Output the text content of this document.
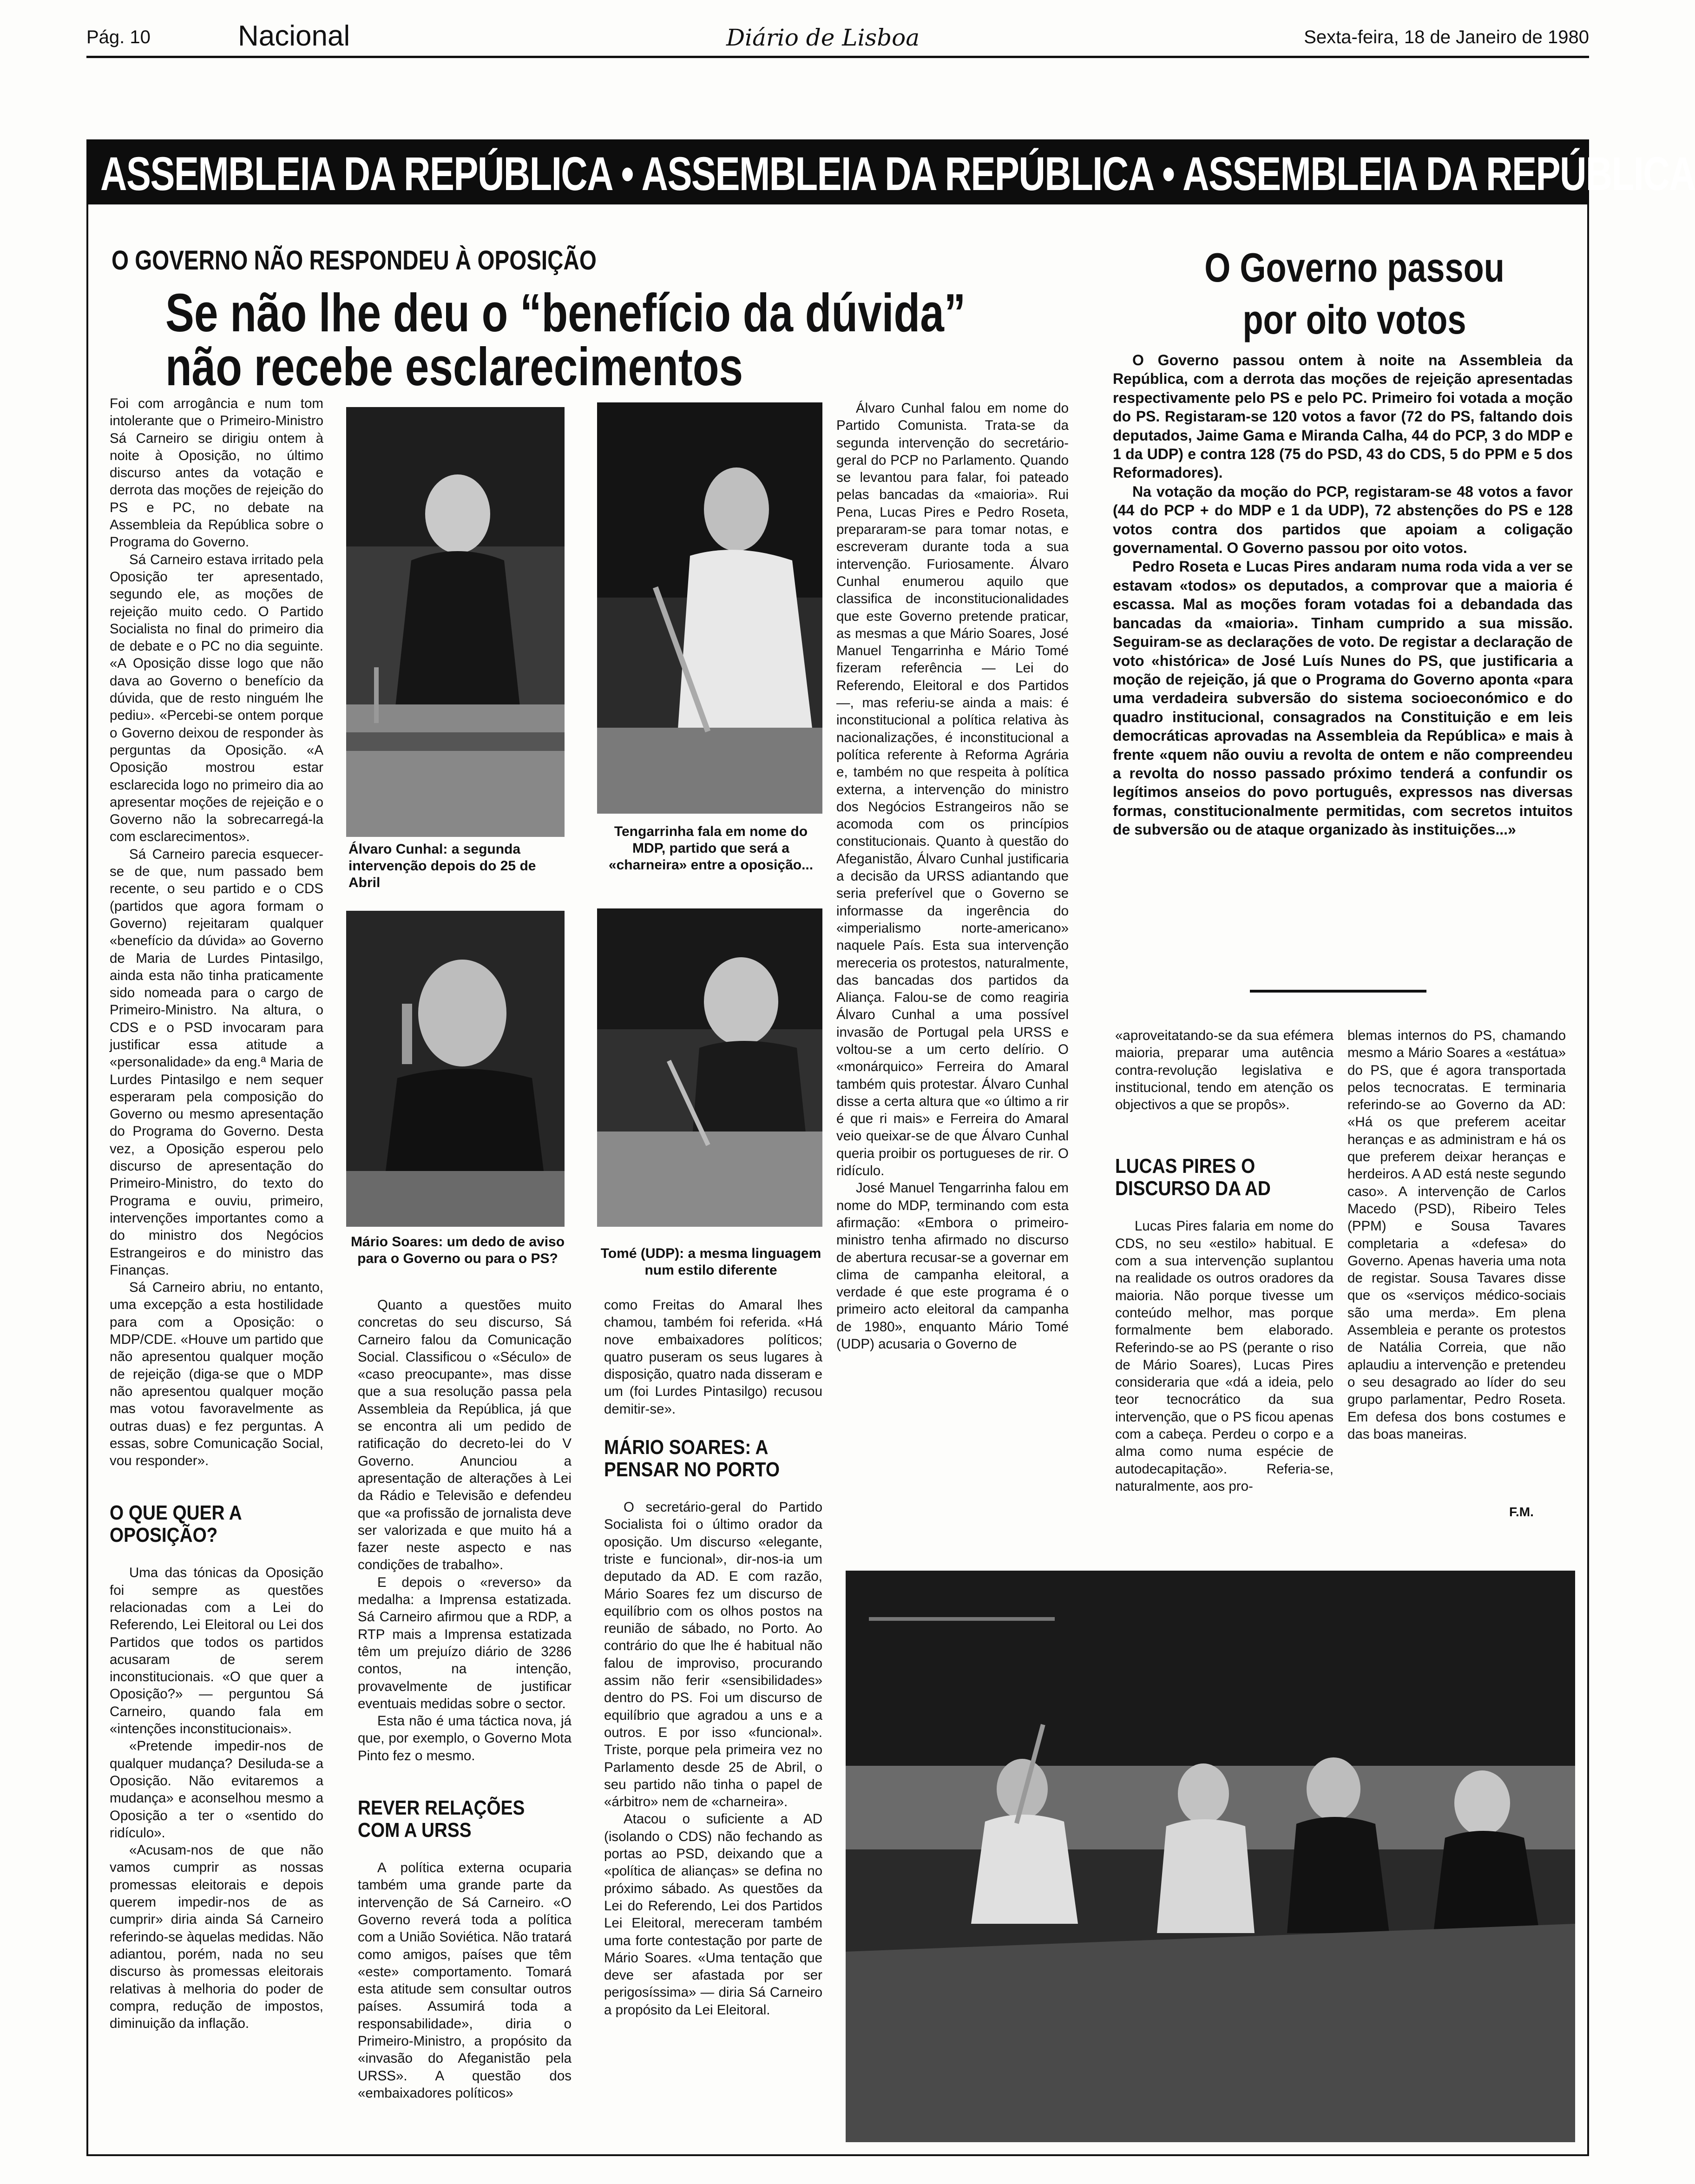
Pág. 10	Nacional	Diário de Lisboa	Sexta-feira, 18 de Janeiro de 1980
ASSEMBLEIA DA REPÚBLICA • ASSEMBLEIA DA REPÚBLICA • ASSEMBLEIA DA REPÚBLICA
O GOVERNO NÃO RESPONDEU À OPOSIÇÃO
Se não lhe deu o “benefício da dúvida”
não recebe esclarecimentos
O Governo passou por oito votos

Foi com arrogância e num tom intolerante que o Primeiro-Ministro Sá Carneiro se dirigiu ontem à noite à Oposição, no último discurso antes da votação e derrota das moções de rejeição do PS e PC, no debate na Assembleia da República sobre o Programa do Governo.

Sá Carneiro estava irritado pela Oposição ter apresentado, segundo ele, as moções de rejeição muito cedo. O Partido Socialista no final do primeiro dia de debate e o PC no dia seguinte. «A Oposição disse logo que não dava ao Governo o benefício da dúvida, que de resto ninguém lhe pediu». «Percebi-se ontem porque o Governo deixou de responder às perguntas da Oposição. «A Oposição mostrou estar esclarecida logo no primeiro dia ao apresentar moções de rejeição e o Governo não la sobrecarregá-la com esclarecimentos».

Sá Carneiro parecia esquecer-se de que, num passado bem recente, o seu partido e o CDS (partidos que agora formam o Governo) rejeitaram qualquer «benefício da dúvida» ao Governo de Maria de Lurdes Pintasilgo, ainda esta não tinha praticamente sido nomeada para o cargo de Primeiro-Ministro. Na altura, o CDS e o PSD invocaram para justificar essa atitude a «personalidade» da eng.ª Maria de Lurdes Pintasilgo e nem sequer esperaram pela composição do Governo ou mesmo apresentação do Programa do Governo. Desta vez, a Oposição esperou pelo discurso de apresentação do Primeiro-Ministro, do texto do Programa e ouviu, primeiro, intervenções importantes como a do ministro dos Negócios Estrangeiros e do ministro das Finanças.

Sá Carneiro abriu, no entanto, uma excepção a esta hostilidade para com a Oposição: o MDP/CDE. «Houve um partido que não apresentou qualquer moção de rejeição (diga-se que o MDP não apresentou qualquer moção mas votou favoravelmente as outras duas) e fez perguntas. A essas, sobre Comunicação Social, vou responder».

O QUE QUER A OPOSIÇÃO?

Uma das tónicas da Oposição foi sempre as questões relacionadas com a Lei do Referendo, Lei Eleitoral ou Lei dos Partidos que todos os partidos acusaram de serem inconstitucionais. «O que quer a Oposição?» — perguntou Sá Carneiro, quando fala em «intenções inconstitucionais».

«Pretende impedir-nos de qualquer mudança? Desiluda-se a Oposição. Não evitaremos a mudança» e aconselhou mesmo a Oposição a ter o «sentido do ridículo».

«Acusam-nos de que não vamos cumprir as nossas promessas eleitorais e depois querem impedir-nos de as cumprir» diria ainda Sá Carneiro referindo-se àquelas medidas. Não adiantou, porém, nada no seu discurso às promessas eleitorais relativas à melhoria do poder de compra, redução de impostos, diminuição da inflação.

Álvaro Cunhal: a segunda intervenção depois do 25 de Abril
Tengarrinha fala em nome do MDP, partido que será a «charneira» entre a oposição...
Mário Soares: um dedo de aviso para o Governo ou para o PS?	Tomé (UDP): a mesma linguagem num estilo diferente

Quanto a questões muito concretas do seu discurso, Sá Carneiro falou da Comunicação Social. Classificou o «Século» de «caso preocupante», mas disse que a sua resolução passa pela Assembleia da República, já que se encontra ali um pedido de ratificação do decreto-lei do V Governo. Anunciou a apresentação de alterações à Lei da Rádio e Televisão e defendeu que «a profissão de jornalista deve ser valorizada e que muito há a fazer neste aspecto e nas condições de trabalho».

E depois o «reverso» da medalha: a Imprensa estatizada. Sá Carneiro afirmou que a RDP, a RTP mais a Imprensa estatizada têm um prejuízo diário de 3286 contos, na intenção, provavelmente de justificar eventuais medidas sobre o sector.

Esta não é uma táctica nova, já que, por exemplo, o Governo Mota Pinto fez o mesmo.

REVER RELAÇÕES COM A URSS

A política externa ocuparia também uma grande parte da intervenção de Sá Carneiro. «O Governo reverá toda a política com a União Soviética. Não tratará como amigos, países que têm «este» comportamento. Tomará esta atitude sem consultar outros países. Assumirá toda a responsabilidade», diria o Primeiro-Ministro, a propósito da «invasão do Afeganistão pela URSS». A questão dos «embaixadores políticos»

como Freitas do Amaral lhes chamou, também foi referida. «Há nove embaixadores políticos; quatro puseram os seus lugares à disposição, quatro nada disseram e um (foi Lurdes Pintasilgo) recusou demitir-se».

MÁRIO SOARES: A PENSAR NO PORTO

O secretário-geral do Partido Socialista foi o último orador da oposição. Um discurso «elegante, triste e funcional», dir-nos-ia um deputado da AD. E com razão, Mário Soares fez um discurso de equilíbrio com os olhos postos na reunião de sábado, no Porto. Ao contrário do que lhe é habitual não falou de improviso, procurando assim não ferir «sensibilidades» dentro do PS. Foi um discurso de equilíbrio que agradou a uns e a outros. E por isso «funcional». Triste, porque pela primeira vez no Parlamento desde 25 de Abril, o seu partido não tinha o papel de «árbitro» nem de «charneira».

Atacou o suficiente a AD (isolando o CDS) não fechando as portas ao PSD, deixando que a «política de alianças» se defina no próximo sábado. As questões da Lei do Referendo, Lei dos Partidos Lei Eleitoral, mereceram também uma forte contestação por parte de Mário Soares. «Uma tentação que deve ser afastada por ser perigosíssima» — diria Sá Carneiro a propósito da Lei Eleitoral.

Álvaro Cunhal falou em nome do Partido Comunista. Trata-se da segunda intervenção do secretário-geral do PCP no Parlamento. Quando se levantou para falar, foi pateado pelas bancadas da «maioria». Rui Pena, Lucas Pires e Pedro Roseta, prepararam-se para tomar notas, e escreveram durante toda a sua intervenção. Furiosamente. Álvaro Cunhal enumerou aquilo que classifica de inconstitucionalidades que este Governo pretende praticar, as mesmas a que Mário Soares, José Manuel Tengarrinha e Mário Tomé fizeram referência — Lei do Referendo, Eleitoral e dos Partidos —, mas referiu-se ainda a mais: é inconstitucional a política relativa às nacionalizações, é inconstitucional a política referente à Reforma Agrária e, também no que respeita à política externa, a intervenção do ministro dos Negócios Estrangeiros não se acomoda com os princípios constitucionais. Quanto à questão do Afeganistão, Álvaro Cunhal justificaria a decisão da URSS adiantando que seria preferível que o Governo se informasse da ingerência do «imperialismo norte-americano» naquele País. Esta sua intervenção mereceria os protestos, naturalmente, das bancadas dos partidos da Aliança. Falou-se de como reagiria Álvaro Cunhal a uma possível invasão de Portugal pela URSS e voltou-se a um certo delírio. O «monárquico» Ferreira do Amaral também quis protestar. Álvaro Cunhal disse a certa altura que «o último a rir é que ri mais» e Ferreira do Amaral veio queixar-se de que Álvaro Cunhal queria proibir os portugueses de rir. O ridículo.

José Manuel Tengarrinha falou em nome do MDP, terminando com esta afirmação: «Embora o primeiro-ministro tenha afirmado no discurso de abertura recusar-se a governar em clima de campanha eleitoral, a verdade é que este programa é o primeiro acto eleitoral da campanha de 1980», enquanto Mário Tomé (UDP) acusaria o Governo de

O Governo passou ontem à noite na Assembleia da República, com a derrota das moções de rejeição apresentadas respectivamente pelo PS e pelo PC. Primeiro foi votada a moção do PS. Registaram-se 120 votos a favor (72 do PS, faltando dois deputados, Jaime Gama e Miranda Calha, 44 do PCP, 3 do MDP e 1 da UDP) e contra 128 (75 do PSD, 43 do CDS, 5 do PPM e 5 dos Reformadores).

Na votação da moção do PCP, registaram-se 48 votos a favor (44 do PCP + do MDP e 1 da UDP), 72 abstenções do PS e 128 votos contra dos partidos que apoiam a coligação governamental. O Governo passou por oito votos.

Pedro Roseta e Lucas Pires andaram numa roda vida a ver se estavam «todos» os deputados, a comprovar que a maioria é escassa. Mal as moções foram votadas foi a debandada das bancadas da «maioria». Tinham cumprido a sua missão. Seguiram-se as declarações de voto. De registar a declaração de voto «histórica» de José Luís Nunes do PS, que justificaria a moção de rejeição, já que o Programa do Governo aponta «para uma verdadeira subversão do sistema socioeconómico e do quadro institucional, consagrados na Constituição e em leis democráticas aprovadas na Assembleia da República» e mais à frente «quem não ouviu a revolta de ontem e não compreendeu a revolta do nosso passado próximo tenderá a confundir os legítimos anseios do povo português, expressos nas diversas formas, constitucionalmente permitidas, com secretos intuitos de subversão ou de ataque organizado às instituições...»

«aproveitatando-se da sua efémera maioria, preparar uma autência contra-revolução legislativa e institucional, tendo em atenção os objectivos a que se propôs».

LUCAS PIRES O DISCURSO DA AD

Lucas Pires falaria em nome do CDS, no seu «estilo» habitual. E com a sua intervenção suplantou na realidade os outros oradores da maioria. Não porque tivesse um conteúdo melhor, mas porque formalmente bem elaborado. Referindo-se ao PS (perante o riso de Mário Soares), Lucas Pires consideraria que «dá a ideia, pelo teor tecnocrático da sua intervenção, que o PS ficou apenas com a cabeça. Perdeu o corpo e a alma como numa espécie de autodecapitação». Referia-se, naturalmente, aos pro-

blemas internos do PS, chamando mesmo a Mário Soares a «estátua» do PS, que é agora transportada pelos tecnocratas. E terminaria referindo-se ao Governo da AD: «Há os que preferem aceitar heranças e as administram e há os que preferem deixar heranças e herdeiros. A AD está neste segundo caso». A intervenção de Carlos Macedo (PSD), Ribeiro Teles (PPM) e Sousa Tavares completaria a «defesa» do Governo. Apenas haveria uma nota de registar. Sousa Tavares disse que os «serviços médico-sociais são uma merda». Em plena Assembleia e perante os protestos de Natália Correia, que não aplaudiu a intervenção e pretendeu o seu desagrado ao líder do seu grupo parlamentar, Pedro Roseta. Em defesa dos bons costumes e das boas maneiras.

F.M.
